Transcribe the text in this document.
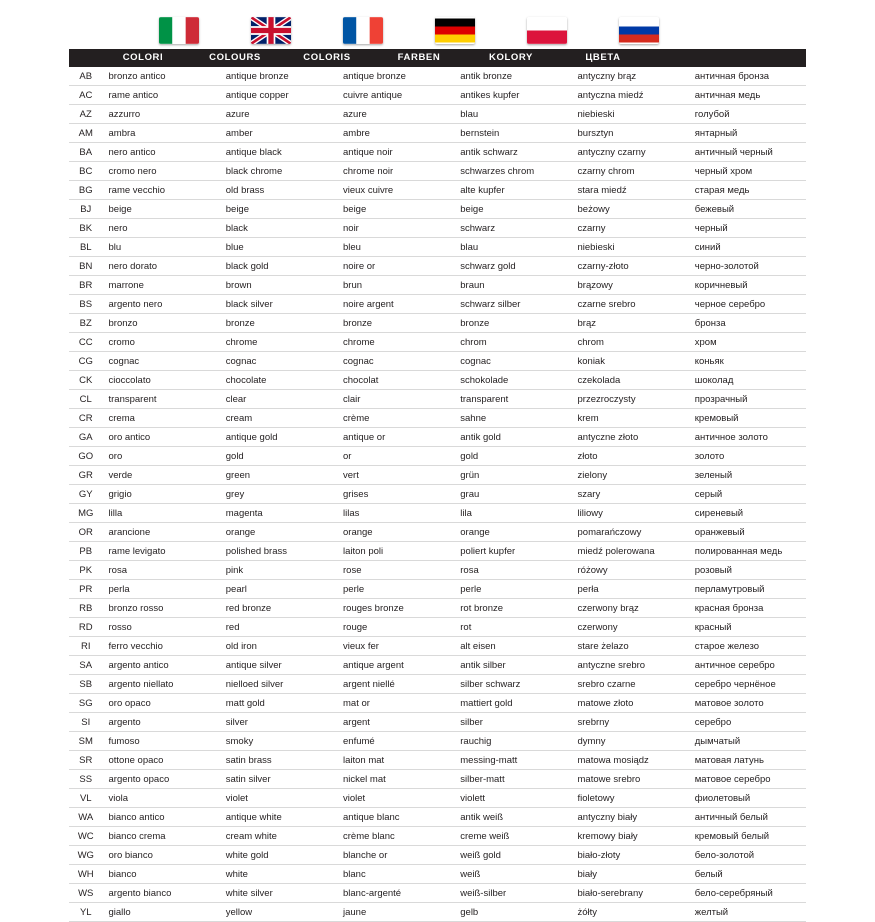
COLORI	COLOURS	COLORIS	FARBEN	KOLORY	ЦВЕТА
AB	bronzo antico	antique bronze	antique bronze	antik bronze	antyczny brąz	античная бронза
AC	rame antico	antique copper	cuivre antique	antikes kupfer	antyczna miedź	античная медь
AZ	azzurro	azure	azure	blau	niebieski	голубой
AM	ambra	amber	ambre	bernstein	bursztyn	янтарный
BA	nero antico	antique black	antique noir	antik schwarz	antyczny czarny	античный черный
BC	cromo nero	black chrome	chrome noir	schwarzes chrom	czarny chrom	черный хром
BG	rame vecchio	old brass	vieux cuivre	alte kupfer	stara miedź	старая медь
BJ	beige	beige	beige	beige	beżowy	бежевый
BK	nero	black	noir	schwarz	czarny	черный
BL	blu	blue	bleu	blau	niebieski	синий
BN	nero dorato	black gold	noire or	schwarz gold	czarny-złoto	черно-золотой
BR	marrone	brown	brun	braun	brązowy	коричневый
BS	argento nero	black silver	noire argent	schwarz silber	czarne srebro	черное серебро
BZ	bronzo	bronze	bronze	bronze	brąz	бронза
CC	cromo	chrome	chrome	chrom	chrom	хром
CG	cognac	cognac	cognac	cognac	koniak	коньяк
CK	cioccolato	chocolate	chocolat	schokolade	czekolada	шоколад
CL	transparent	clear	clair	transparent	przezroczysty	прозрачный
CR	crema	cream	crème	sahne	krem	кремовый
GA	oro antico	antique gold	antique or	antik gold	antyczne złoto	античное золото
GO	oro	gold	or	gold	złoto	золото
GR	verde	green	vert	grün	zielony	зеленый
GY	grigio	grey	grises	grau	szary	серый
MG	lilla	magenta	lilas	lila	liliowy	сиреневый
OR	arancione	orange	orange	orange	pomarańczowy	оранжевый
PB	rame levigato	polished brass	laiton poli	poliert kupfer	miedź polerowana	полированная медь
PK	rosa	pink	rose	rosa	różowy	розовый
PR	perla	pearl	perle	perle	perła	перламутровый
RB	bronzo rosso	red bronze	rouges bronze	rot bronze	czerwony brąz	красная бронза
RD	rosso	red	rouge	rot	czerwony	красный
RI	ferro vecchio	old iron	vieux fer	alt eisen	stare żelazo	старое железо
SA	argento antico	antique silver	antique argent	antik silber	antyczne srebro	античное серебро
SB	argento niellato	nielloed silver	argent niellé	silber schwarz	srebro czarne	серебро чернёное
SG	oro opaco	matt gold	mat or	mattiert gold	matowe złoto	матовое золото
SI	argento	silver	argent	silber	srebrny	серебро
SM	fumoso	smoky	enfumé	rauchig	dymny	дымчатый
SR	ottone opaco	satin brass	laiton mat	messing-matt	matowa mosiądz	матовая латунь
SS	argento opaco	satin silver	nickel mat	silber-matt	matowe srebro	матовое серебро
VL	viola	violet	violet	violett	fioletowy	фиолетовый
WA	bianco antico	antique white	antique blanc	antik weiß	antyczny biały	античный белый
WC	bianco crema	cream white	crème blanc	creme weiß	kremowy biały	кремовый белый
WG	oro bianco	white gold	blanche or	weiß gold	biało-złoty	бело-золотой
WH	bianco	white	blanc	weiß	biały	белый
WS	argento bianco	white silver	blanc-argenté	weiß-silber	biało-serebrany	бело-серебряный
YL	giallo	yellow	jaune	gelb	żółty	желтый
